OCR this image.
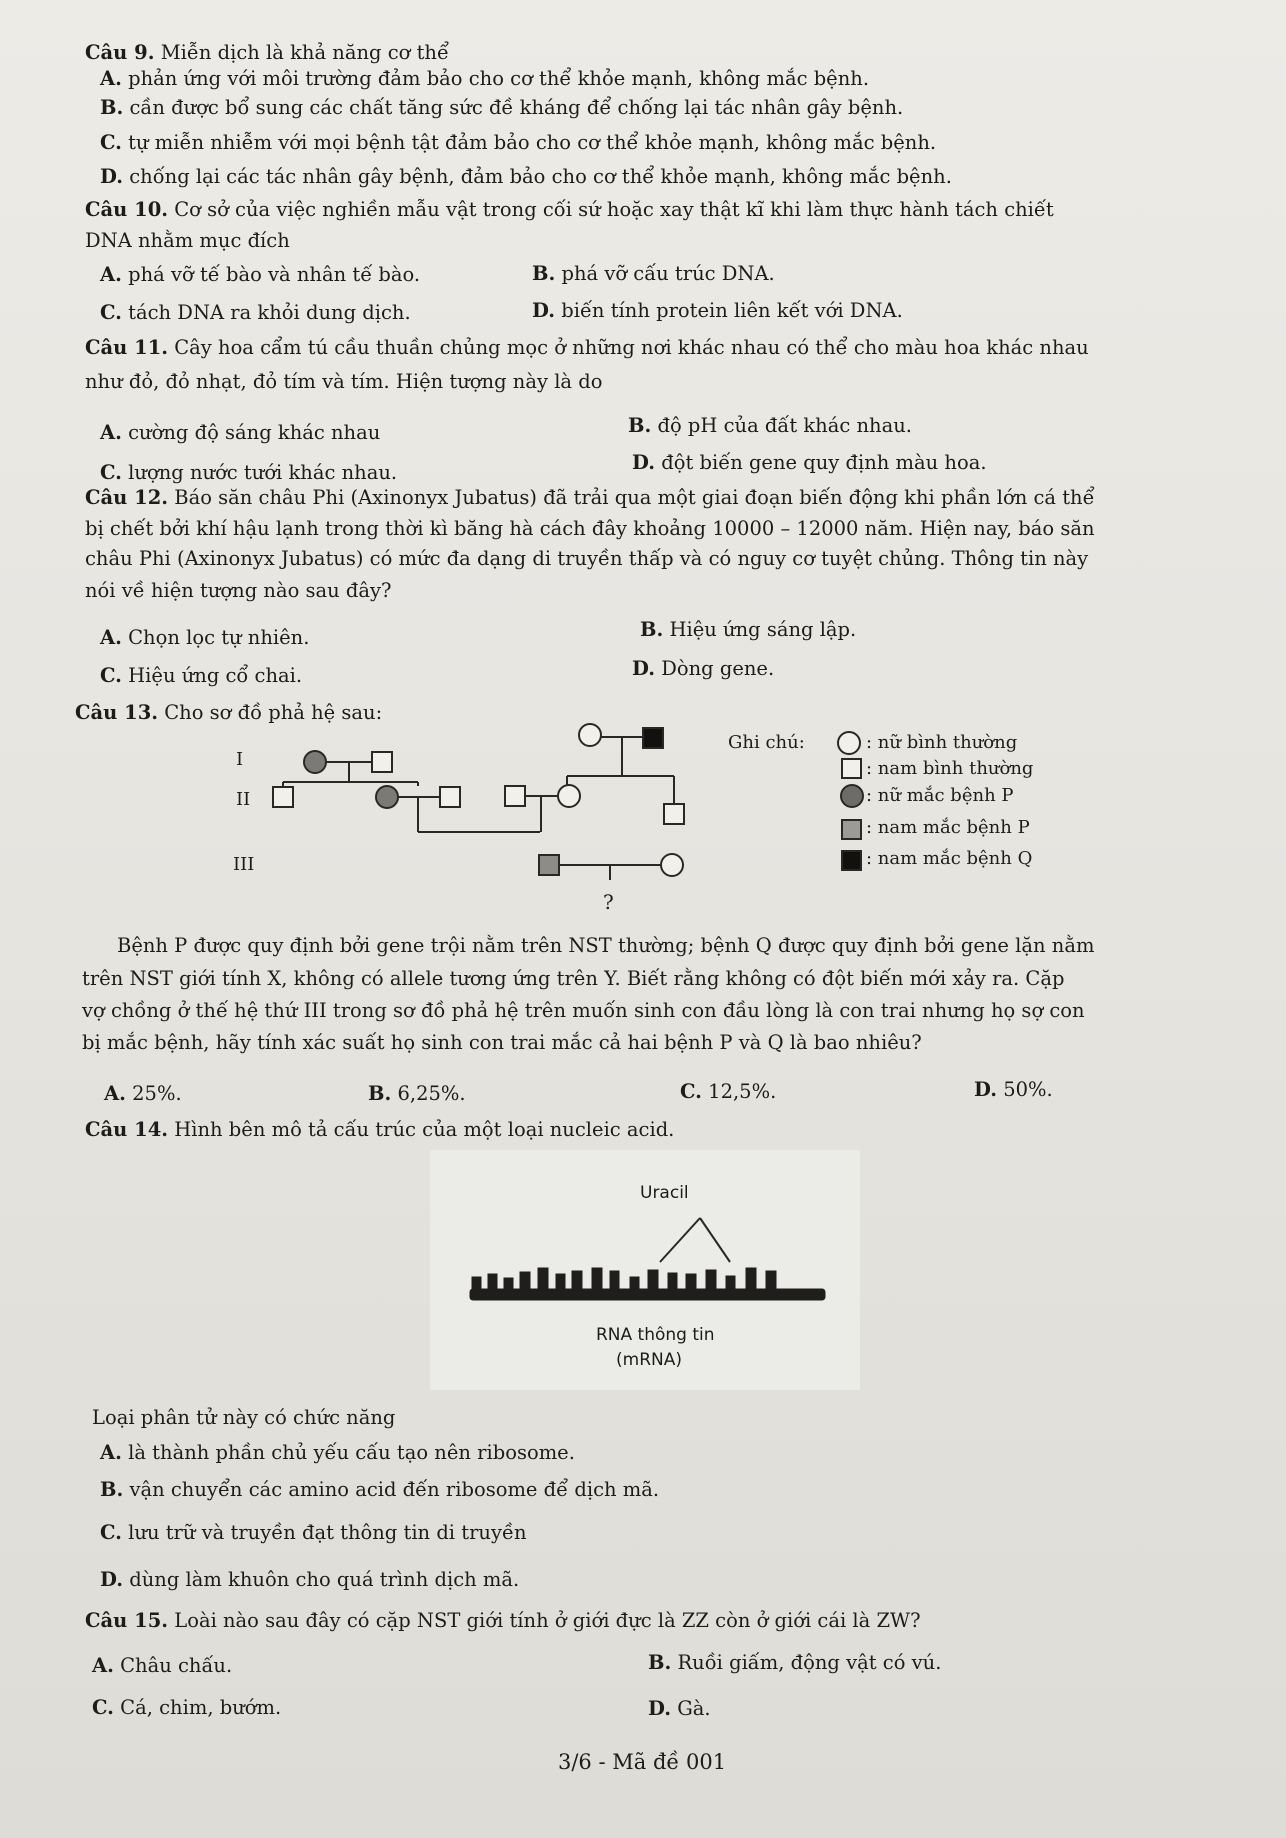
Câu 9. Miễn dịch là khả năng cơ thể
A. phản ứng với môi trường đảm bảo cho cơ thể khỏe mạnh, không mắc bệnh.
B. cần được bổ sung các chất tăng sức đề kháng để chống lại tác nhân gây bệnh.
C. tự miễn nhiễm với mọi bệnh tật đảm bảo cho cơ thể khỏe mạnh, không mắc bệnh.
D. chống lại các tác nhân gây bệnh, đảm bảo cho cơ thể khỏe mạnh, không mắc bệnh.
Câu 10. Cơ sở của việc nghiền mẫu vật trong cối sứ hoặc xay thật kĩ khi làm thực hành tách chiết
DNA nhằm mục đích
A. phá vỡ tế bào và nhân tế bào.	B. phá vỡ cấu trúc DNA.
C. tách DNA ra khỏi dung dịch.	D. biến tính protein liên kết với DNA.
Câu 11. Cây hoa cẩm tú cầu thuần chủng mọc ở những nơi khác nhau có thể cho màu hoa khác nhau
như đỏ, đỏ nhạt, đỏ tím và tím. Hiện tượng này là do
A. cường độ sáng khác nhau	B. độ pH của đất khác nhau.
C. lượng nước tưới khác nhau.	D. đột biến gene quy định màu hoa.
Câu 12. Báo săn châu Phi (Axinonyx Jubatus) đã trải qua một giai đoạn biến động khi phần lớn cá thể
bị chết bởi khí hậu lạnh trong thời kì băng hà cách đây khoảng 10000 – 12000 năm. Hiện nay, báo săn
châu Phi (Axinonyx Jubatus) có mức đa dạng di truyền thấp và có nguy cơ tuyệt chủng. Thông tin này
nói về hiện tượng nào sau đây?
A. Chọn lọc tự nhiên.	B. Hiệu ứng sáng lập.
C. Hiệu ứng cổ chai.	D. Dòng gene.
Câu 13. Cho sơ đồ phả hệ sau:
I
II
III
?
Ghi chú:	: nữ bình thường
: nam bình thường
: nữ mắc bệnh P
: nam mắc bệnh P
: nam mắc bệnh Q
Bệnh P được quy định bởi gene trội nằm trên NST thường; bệnh Q được quy định bởi gene lặn nằm
trên NST giới tính X, không có allele tương ứng trên Y. Biết rằng không có đột biến mới xảy ra. Cặp
vợ chồng ở thế hệ thứ III trong sơ đồ phả hệ trên muốn sinh con đầu lòng là con trai nhưng họ sợ con
bị mắc bệnh, hãy tính xác suất họ sinh con trai mắc cả hai bệnh P và Q là bao nhiêu?
A. 25%.	B. 6,25%.	C. 12,5%.	D. 50%.
Câu 14. Hình bên mô tả cấu trúc của một loại nucleic acid.
Uracil
RNA thông tin
(mRNA)
Loại phân tử này có chức năng
A. là thành phần chủ yếu cấu tạo nên ribosome.
B. vận chuyển các amino acid đến ribosome để dịch mã.
C. lưu trữ và truyền đạt thông tin di truyền
D. dùng làm khuôn cho quá trình dịch mã.
Câu 15. Loài nào sau đây có cặp NST giới tính ở giới đực là ZZ còn ở giới cái là ZW?
A. Châu chấu.	B. Ruồi giấm, động vật có vú.
C. Cá, chim, bướm.	D. Gà.
3/6 - Mã đề 001
